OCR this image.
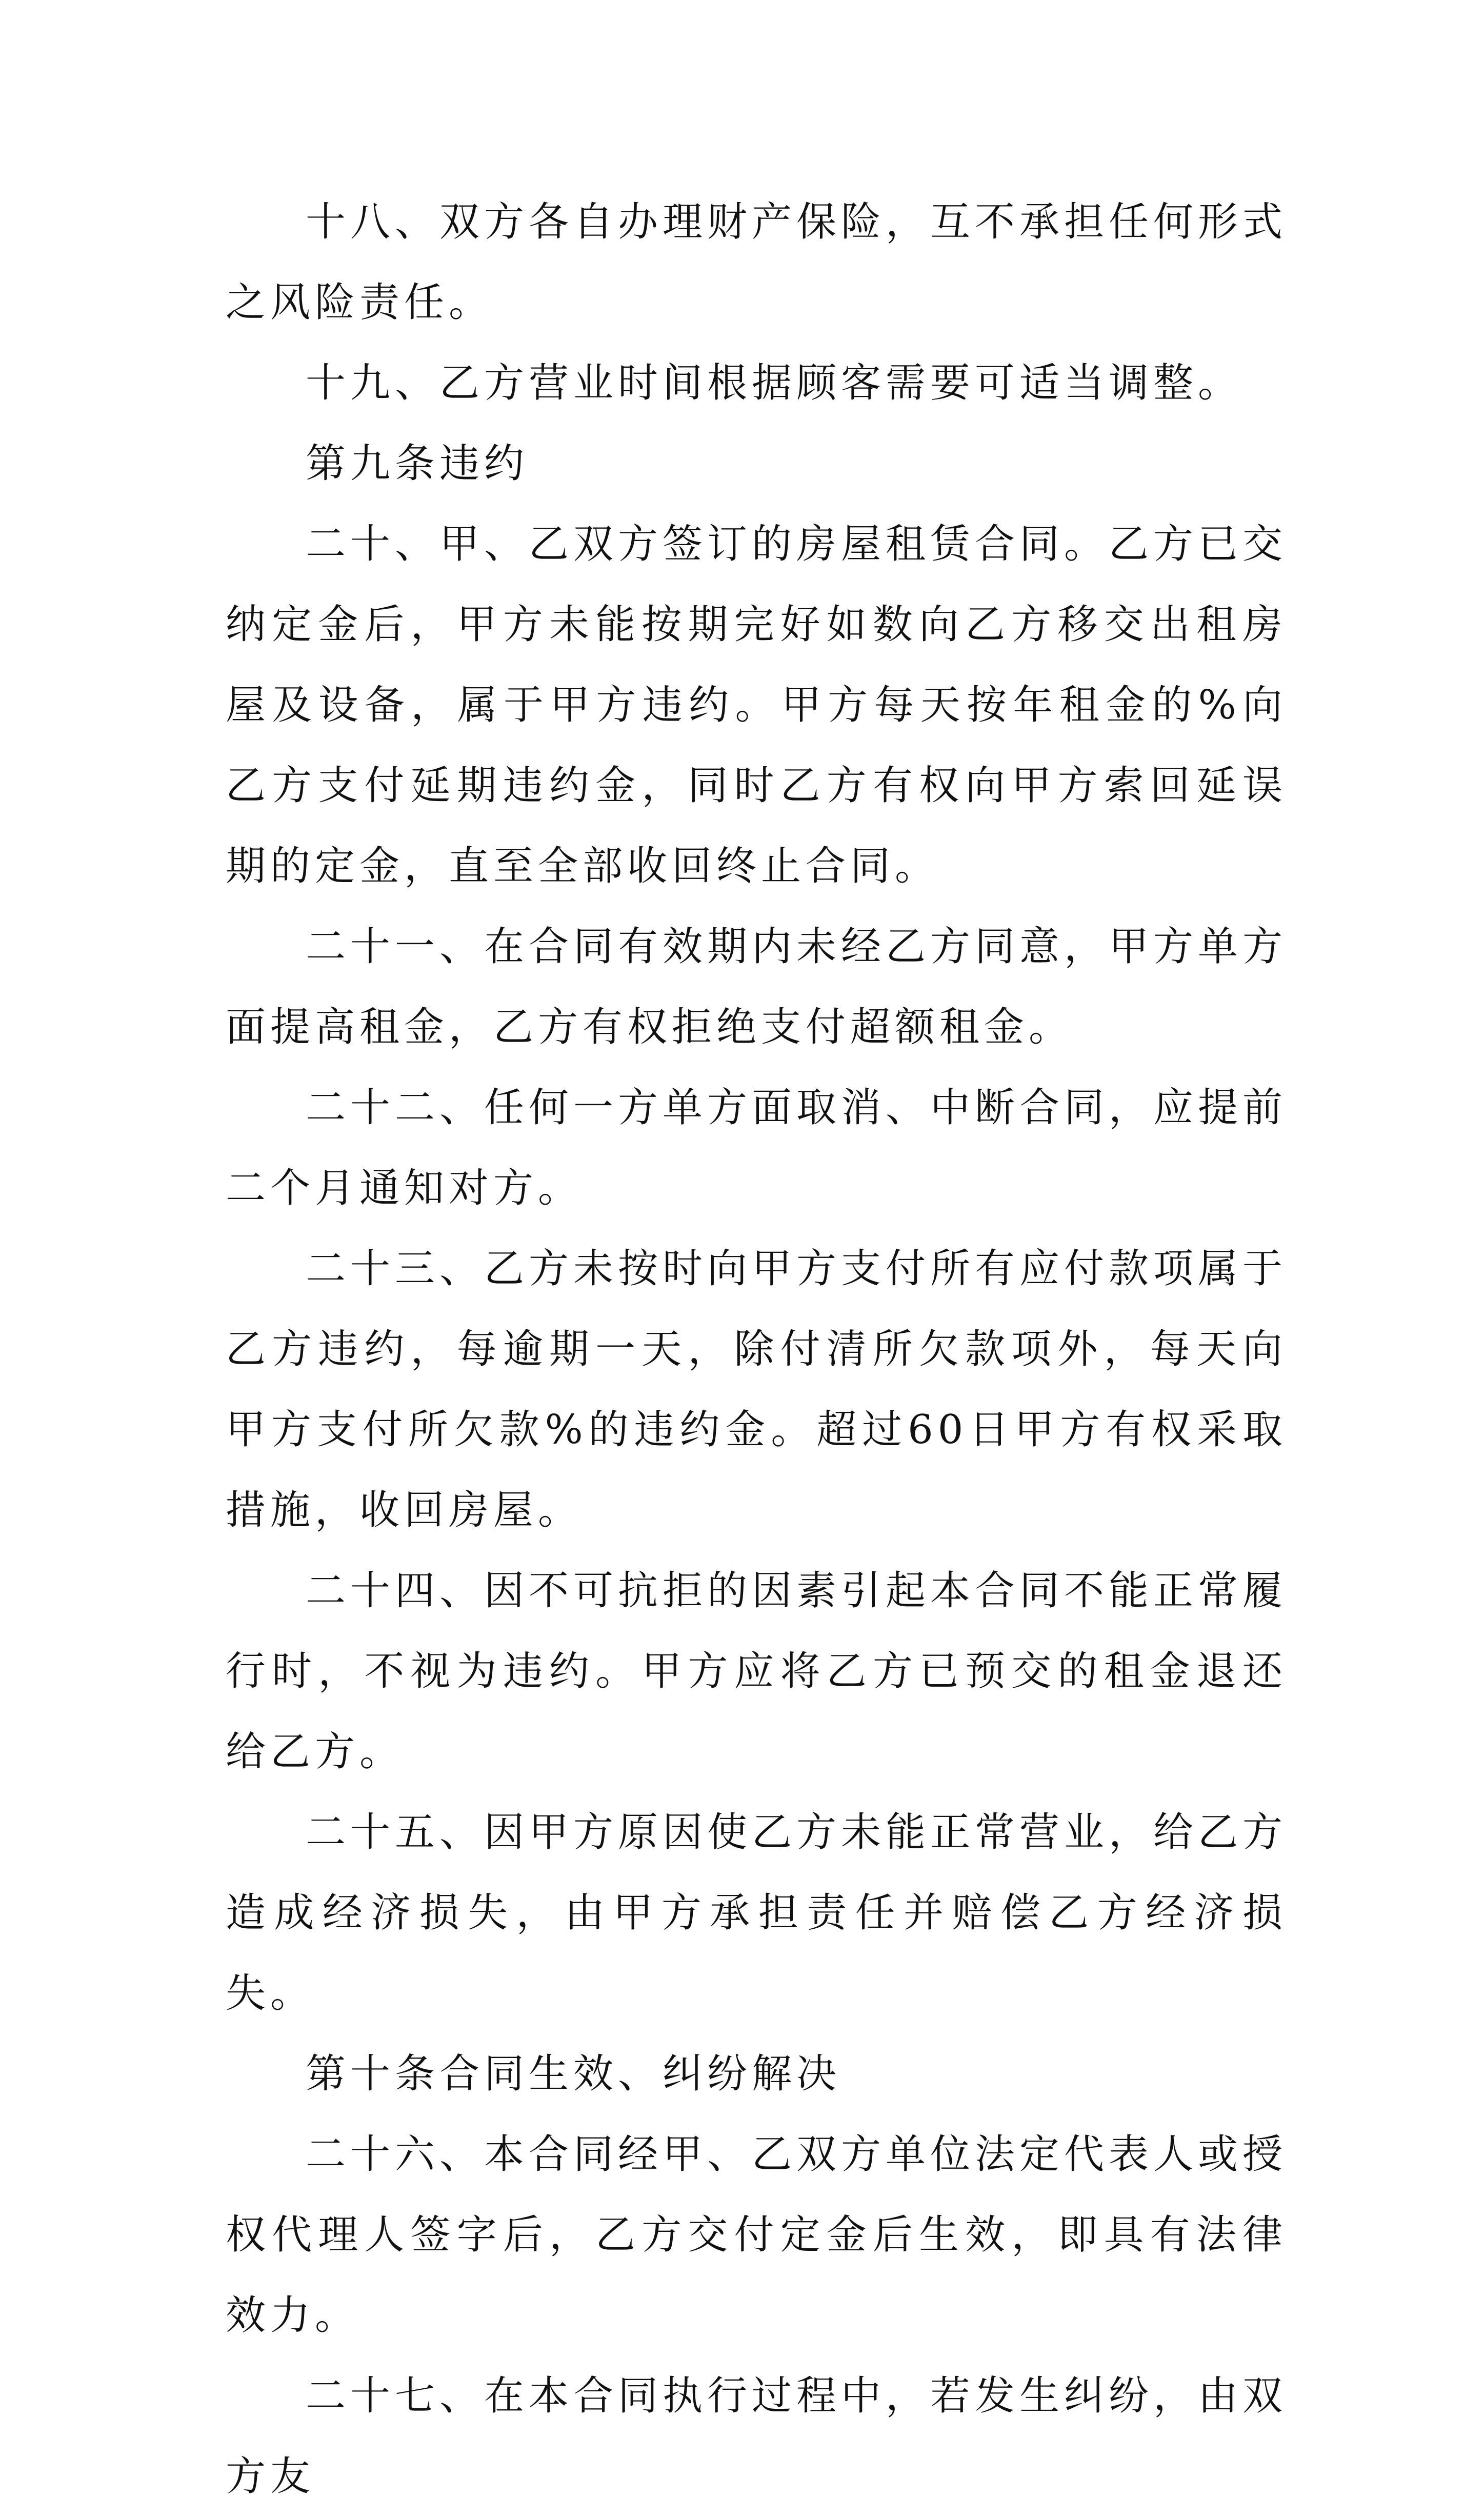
十八、双方各自办理财产保险，互不承担任何形式之风险责任。

十九、乙方营业时间根据顾客需要可适当调整。

第九条违约

二十、甲、乙双方签订的房屋租赁合同。乙方已交纳定金后，甲方未能按期完好如数向乙方移交出租房屋及设备，属于甲方违约。甲方每天按年租金的%向乙方支付延期违约金，同时乙方有权向甲方索回延误期的定金，直至全部收回终止合同。

二十一、在合同有效期内未经乙方同意，甲方单方面提高租金，乙方有权拒绝支付超额租金。

二十二、任何一方单方面取消、中断合同，应提前二个月通知对方。

二十三、乙方未按时向甲方支付所有应付款项属于乙方违约，每逾期一天，除付清所欠款项外，每天向甲方支付所欠款%的违约金。超过60日甲方有权采取措施，收回房屋。

二十四、因不可抗拒的因素引起本合同不能正常履行时，不视为违约。甲方应将乙方已预交的租金退还给乙方。

二十五、因甲方原因使乙方未能正常营业，给乙方造成经济损失，由甲方承担责任并赔偿乙方经济损失。

第十条合同生效、纠纷解决

二十六、本合同经甲、乙双方单位法定代表人或授权代理人签字后，乙方交付定金后生效，即具有法律效力。

二十七、在本合同执行过程中，若发生纠纷，由双方友
